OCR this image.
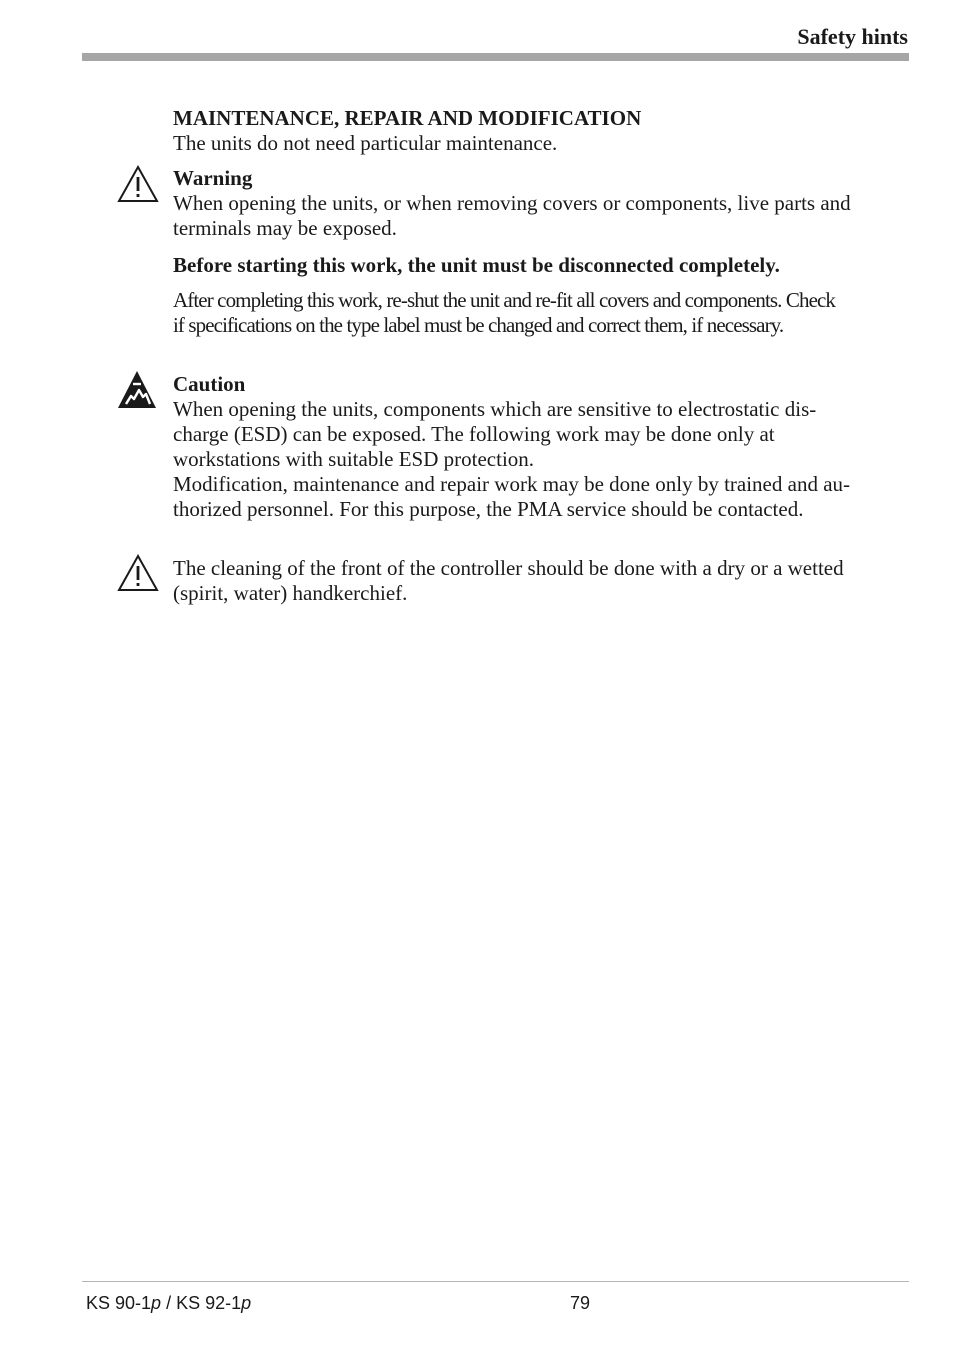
Safety hints
MAINTENANCE, REPAIR AND MODIFICATION
The units do not need particular maintenance.
Warning
When opening the units, or when removing covers or components, live parts and
terminals may be exposed.
Before starting this work, the unit must be disconnected completely.
After completing this work, re-shut the unit and re-fit all covers and components. Check
if specifications on the type label must be changed and correct them, if necessary.
Caution
When opening the units, components which are sensitive to electrostatic dis-
charge (ESD) can be exposed. The following work may be done only at
workstations with suitable ESD protection.
Modification, maintenance and repair work may be done only by trained and au-
thorized personnel. For this purpose, the PMA service should be contacted.
The cleaning of the front of the controller should be done with a dry or a wetted
(spirit, water) handkerchief.
KS 90-1p / KS 92-1p	79
